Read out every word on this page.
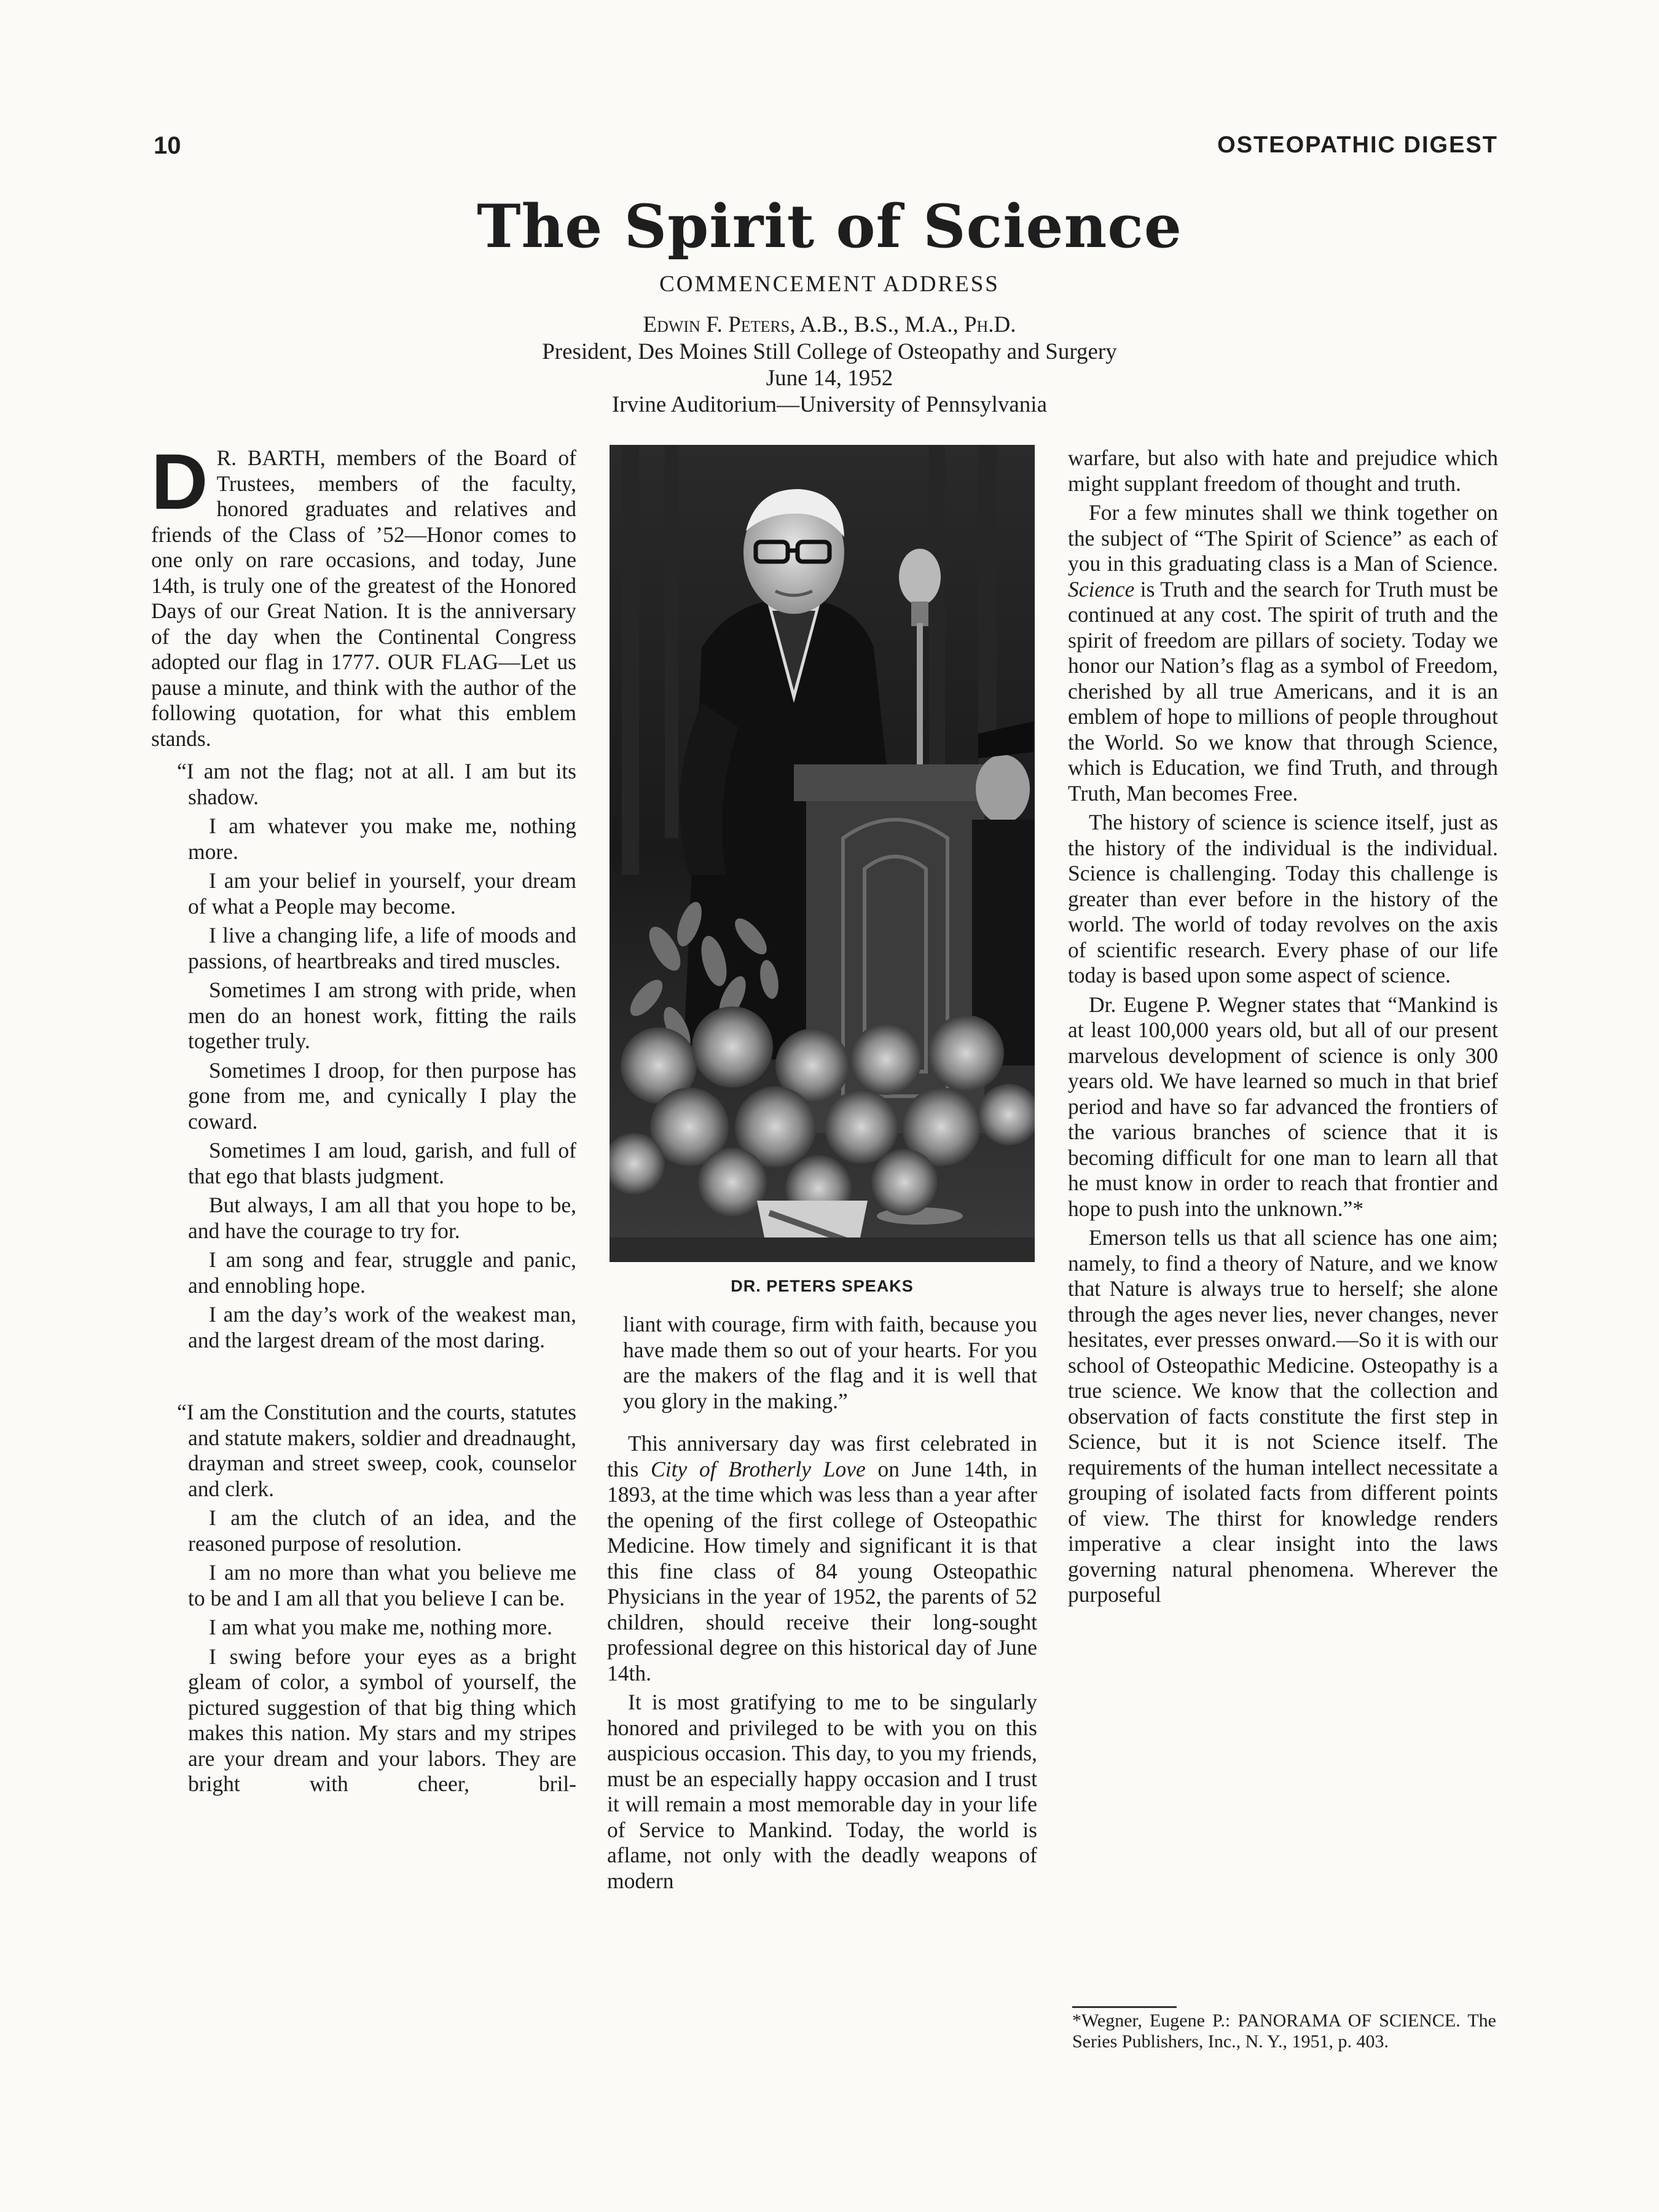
10	OSTEOPATHIC DIGEST
The Spirit of Science
COMMENCEMENT ADDRESS
Edwin F. Peters, A.B., B.S., M.A., Ph.D.
President, Des Moines Still College of Osteopathy and Surgery
June 14, 1952
Irvine Auditorium—University of Pennsylvania

D R. BARTH, members of the Board of Trustees, members of the faculty, honored graduates and relatives and friends of the Class of ’52—Honor comes to one only on rare occasions, and today, June 14th, is truly one of the greatest of the Honored Days of our Great Nation. It is the anniversary of the day when the Continental Congress adopted our flag in 1777. OUR FLAG—Let us pause a minute, and think with the author of the following quotation, for what this emblem stands.

“I am not the flag; not at all. I am but its shadow.

I am whatever you make me, nothing more.

I am your belief in yourself, your dream of what a People may become.

I live a changing life, a life of moods and passions, of heartbreaks and tired muscles.

Sometimes I am strong with pride, when men do an honest work, fitting the rails together truly.

Sometimes I droop, for then purpose has gone from me, and cynically I play the coward.

Sometimes I am loud, garish, and full of that ego that blasts judgment.

But always, I am all that you hope to be, and have the courage to try for.

I am song and fear, struggle and panic, and ennobling hope.

I am the day’s work of the weakest man, and the largest dream of the most daring.

“I am the Constitution and the courts, statutes and statute makers, soldier and dreadnaught, drayman and street sweep, cook, counselor and clerk.

I am the clutch of an idea, and the reasoned purpose of resolution.

I am no more than what you believe me to be and I am all that you believe I can be.

I am what you make me, nothing more.

I swing before your eyes as a bright gleam of color, a symbol of yourself, the pictured suggestion of that big thing which makes this nation. My stars and my stripes are your dream and your labors. They are bright with cheer, bril-

DR. PETERS SPEAKS

liant with courage, firm with faith, because you have made them so out of your hearts. For you are the makers of the flag and it is well that you glory in the making.”

This anniversary day was first celebrated in this City of Brotherly Love on June 14th, in 1893, at the time which was less than a year after the opening of the first college of Osteopathic Medicine. How timely and significant it is that this fine class of 84 young Osteopathic Physicians in the year of 1952, the parents of 52 children, should receive their long-sought professional degree on this historical day of June 14th.

It is most gratifying to me to be singularly honored and privileged to be with you on this auspicious occasion. This day, to you my friends, must be an especially happy occasion and I trust it will remain a most memorable day in your life of Service to Mankind. Today, the world is aflame, not only with the deadly weapons of modern

warfare, but also with hate and prejudice which might supplant freedom of thought and truth.

For a few minutes shall we think together on the subject of “The Spirit of Science” as each of you in this graduating class is a Man of Science. Science is Truth and the search for Truth must be continued at any cost. The spirit of truth and the spirit of freedom are pillars of society. Today we honor our Nation’s flag as a symbol of Freedom, cherished by all true Americans, and it is an emblem of hope to millions of people throughout the World. So we know that through Science, which is Education, we find Truth, and through Truth, Man becomes Free.

The history of science is science itself, just as the history of the individual is the individual. Science is challenging. Today this challenge is greater than ever before in the history of the world. The world of today revolves on the axis of scientific research. Every phase of our life today is based upon some aspect of science.

Dr. Eugene P. Wegner states that “Mankind is at least 100,000 years old, but all of our present marvelous development of science is only 300 years old. We have learned so much in that brief period and have so far advanced the frontiers of the various branches of science that it is becoming difficult for one man to learn all that he must know in order to reach that frontier and hope to push into the unknown.”*

Emerson tells us that all science has one aim; namely, to find a theory of Nature, and we know that Nature is always true to herself; she alone through the ages never lies, never changes, never hesitates, ever presses onward.—So it is with our school of Osteopathic Medicine. Osteopathy is a true science. We know that the collection and observation of facts constitute the first step in Science, but it is not Science itself. The requirements of the human intellect necessitate a grouping of isolated facts from different points of view. The thirst for knowledge renders imperative a clear insight into the laws governing natural phenomena. Wherever the purposeful

*Wegner, Eugene P.: PANORAMA OF SCIENCE. The Series Publishers, Inc., N. Y., 1951, p. 403.
